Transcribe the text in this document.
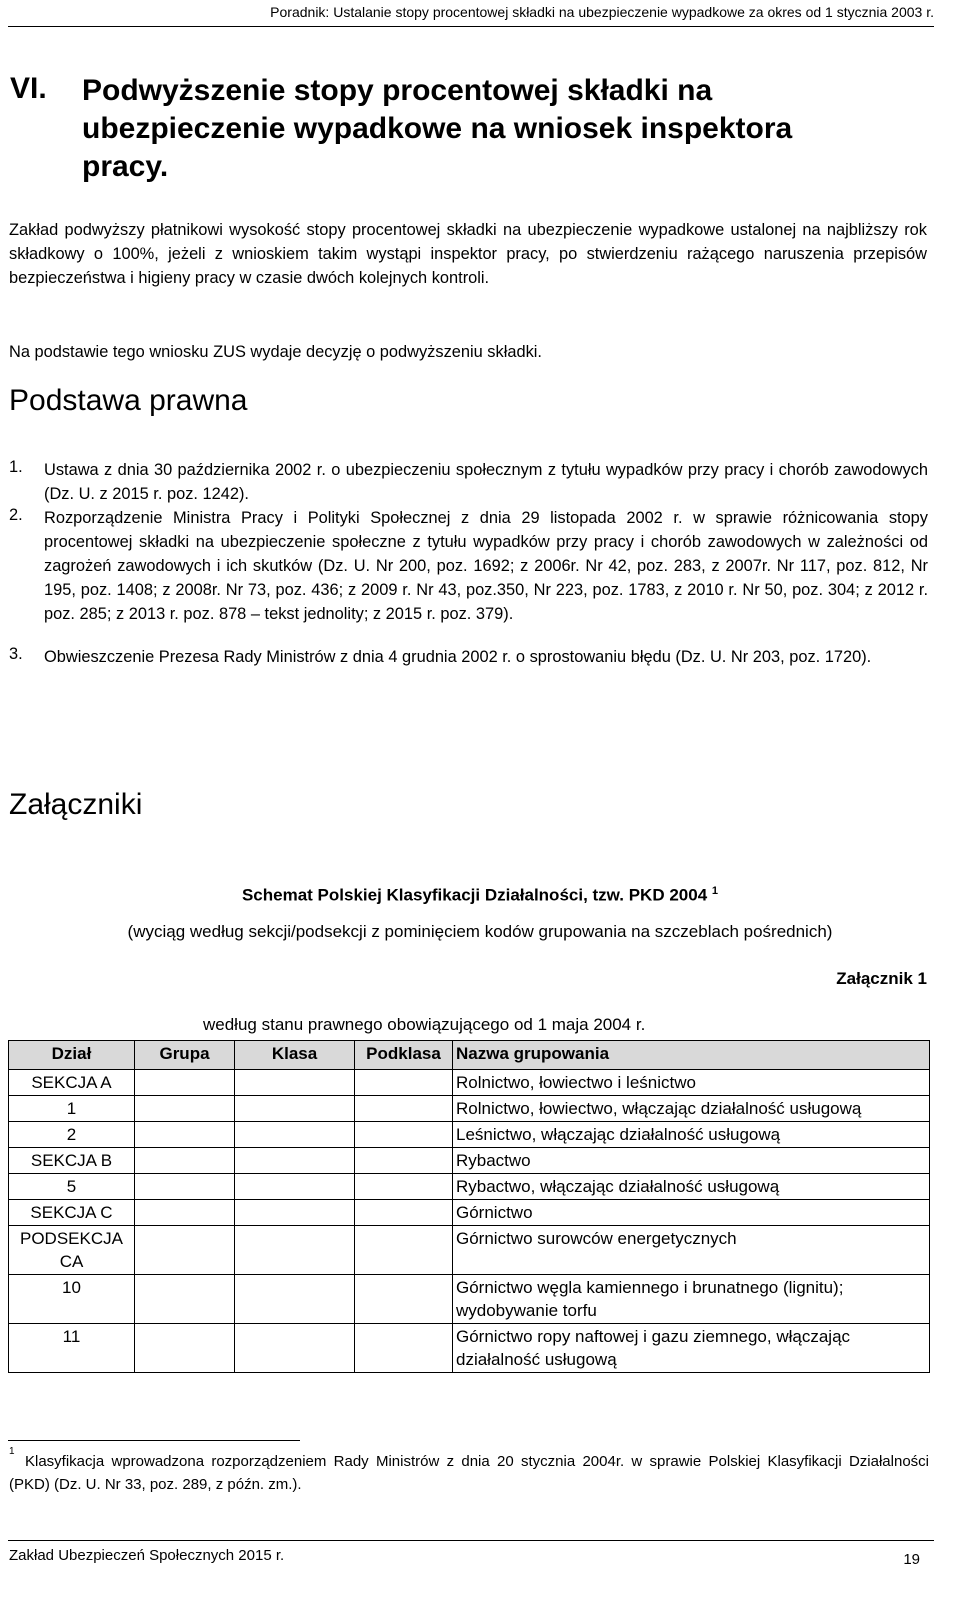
Poradnik: Ustalanie stopy procentowej składki na ubezpieczenie wypadkowe za okres od 1 stycznia 2003 r.
VI. Podwyższenie stopy procentowej składki na ubezpieczenie wypadkowe na wniosek inspektora pracy.
Zakład podwyższy płatnikowi wysokość stopy procentowej składki na ubezpieczenie wypadkowe ustalonej na najbliższy rok składkowy o 100%, jeżeli z wnioskiem takim wystąpi inspektor pracy, po stwierdzeniu rażącego naruszenia przepisów bezpieczeństwa i higieny pracy w czasie dwóch kolejnych kontroli.
Na podstawie tego wniosku ZUS wydaje decyzję o podwyższeniu składki.
Podstawa prawna
1. Ustawa z dnia 30 października 2002 r. o ubezpieczeniu społecznym z tytułu wypadków przy pracy i chorób zawodowych (Dz. U. z 2015 r. poz. 1242).
2. Rozporządzenie Ministra Pracy i Polityki Społecznej z dnia 29 listopada 2002 r. w sprawie różnicowania stopy procentowej składki na ubezpieczenie społeczne z tytułu wypadków przy pracy i chorób zawodowych w zależności od zagrożeń zawodowych i ich skutków (Dz. U. Nr 200, poz. 1692; z 2006r. Nr 42, poz. 283, z 2007r. Nr 117, poz. 812, Nr 195, poz. 1408; z 2008r. Nr 73, poz. 436; z 2009 r. Nr 43, poz.350, Nr 223, poz. 1783, z 2010 r. Nr 50, poz. 304; z 2012 r. poz. 285; z 2013 r. poz. 878 – tekst jednolity; z 2015 r. poz. 379).
3. Obwieszczenie Prezesa Rady Ministrów z dnia 4 grudnia 2002 r. o sprostowaniu błędu (Dz. U. Nr 203, poz. 1720).
Załączniki
Schemat Polskiej Klasyfikacji Działalności, tzw. PKD 2004 $^1$
(wyciąg według sekcji/podsekcji z pominięciem kodów grupowania na szczeblach pośrednich)
Załącznik 1
według stanu prawnego obowiązującego od 1 maja 2004 r.
Dział	Grupa	Klasa	Podklasa	Nazwa grupowania
SEKCJA A				Rolnictwo, łowiectwo i leśnictwo
1				Rolnictwo, łowiectwo, włączając działalność usługową
2				Leśnictwo, włączając działalność usługową
SEKCJA B				Rybactwo
5				Rybactwo, włączając działalność usługową
SEKCJA C				Górnictwo
PODSEKCJA CA				Górnictwo surowców energetycznych
10				Górnictwo węgla kamiennego i brunatnego (lignitu); wydobywanie torfu
11				Górnictwo ropy naftowej i gazu ziemnego, włączając działalność usługową
1
Klasyfikacja wprowadzona rozporządzeniem Rady Ministrów z dnia 20 stycznia 2004r. w sprawie Polskiej Klasyfikacji Działalności (PKD) (Dz. U. Nr 33, poz. 289, z późn. zm.).
Zakład Ubezpieczeń Społecznych 2015 r.	19
